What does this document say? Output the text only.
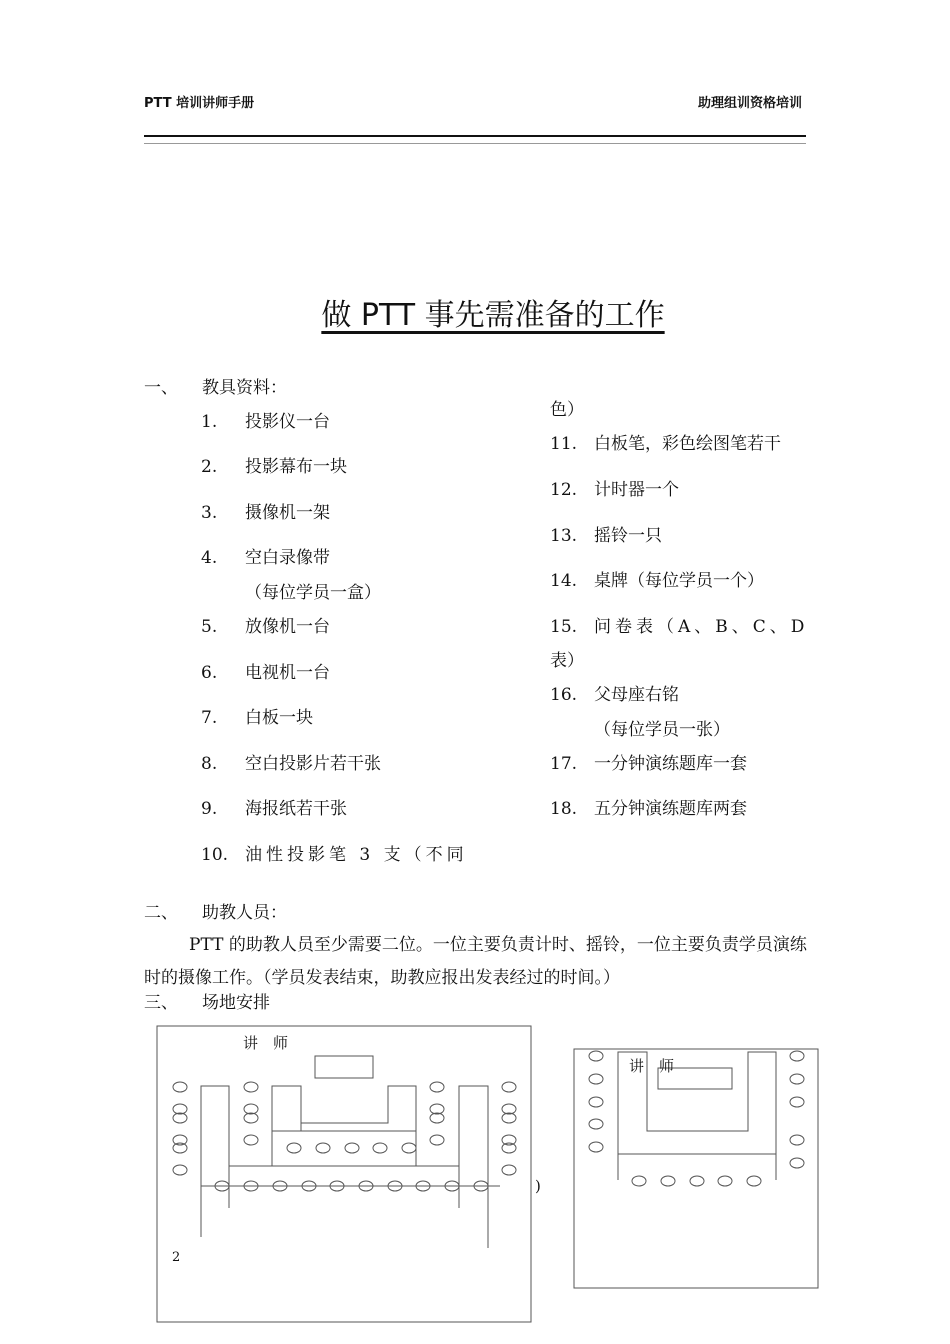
PTT 培训讲师手册	助理组训资格培训
做 PTT 事先需准备的工作
一、 教具资料：
1. 投影仪一台
2. 投影幕布一块
3. 摄像机一架
4. 空白录像带
（每位学员一盒）
5. 放像机一台
6. 电视机一台
7. 白板一块
8. 空白投影片若干张
9. 海报纸若干张
10. 油性投影笔 3 支（不同
色）
11. 白板笔，彩色绘图笔若干
12. 计时器一个
13. 摇铃一只
14. 桌牌（每位学员一个）
15. 问卷表（A、B、C、D
表）
16. 父母座右铭
（每位学员一张）
17. 一分钟演练题库一套
18. 五分钟演练题库两套
二、 助教人员：
PTT 的助教人员至少需要二位。一位主要负责计时、摇铃，一位主要负责学员演练时的摄像工作。（学员发表结束，助教应报出发表经过的时间。）
三、 场地安排
讲　师
讲　师
2
)
